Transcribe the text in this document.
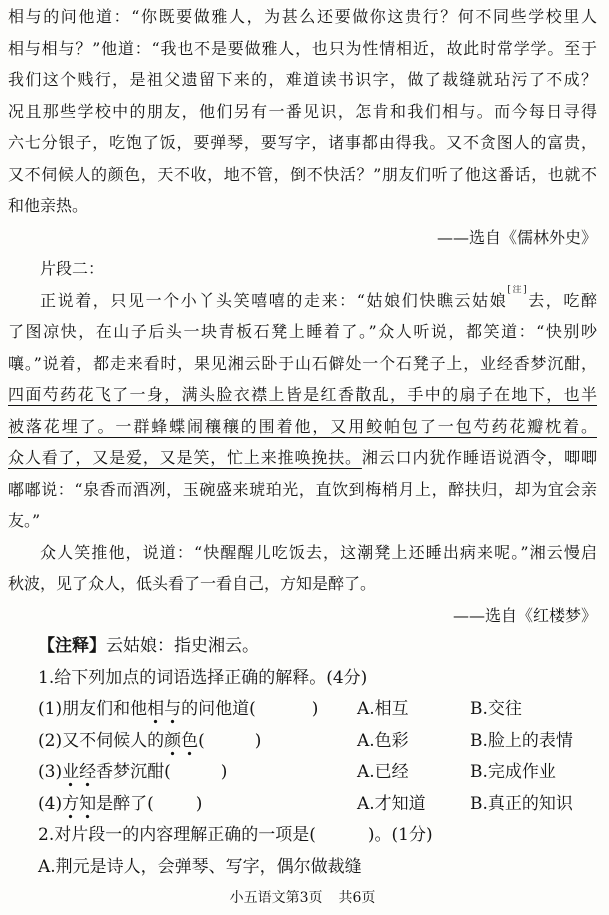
相与的问他道：“你既要做雅人，为甚么还要做你这贵行？何不同些学校里人
相与相与？”他道：“我也不是要做雅人，也只为性情相近，故此时常学学。至于
我们这个贱行，是祖父遗留下来的，难道读书识字，做了裁缝就玷污了不成？
况且那些学校中的朋友，他们另有一番见识，怎肯和我们相与。而今每日寻得
六七分银子，吃饱了饭，要弹琴，要写字，诸事都由得我。又不贪图人的富贵，
又不伺候人的颜色，天不收，地不管，倒不快活？”朋友们听了他这番话，也就不
和他亲热。
——选自《儒林外史》
片段二：
正说着，只见一个小丫头笑嘻嘻的走来：“姑娘们快瞧云姑娘[注]去，吃醉
了图凉快，在山子后头一块青板石凳上睡着了。”众人听说，都笑道：“快别吵
嚷。”说着，都走来看时，果见湘云卧于山石僻处一个石凳子上，业经香梦沉酣，
四面芍药花飞了一身，满头脸衣襟上皆是红香散乱，手中的扇子在地下，也半
被落花埋了。一群蜂蝶闹穰穰的围着他，又用鲛帕包了一包芍药花瓣枕着。
众人看了，又是爱，又是笑，忙上来推唤挽扶。湘云口内犹作睡语说酒令，唧唧
嘟嘟说：“泉香而酒冽，玉碗盛来琥珀光，直饮到梅梢月上，醉扶归，却为宜会亲
友。”
众人笑推他，说道：“快醒醒儿吃饭去，这潮凳上还睡出病来呢。”湘云慢启
秋波，见了众人，低头看了一看自己，方知是醉了。
——选自《红楼梦》
【注释】云姑娘：指史湘云。
1.给下列加点的词语选择正确的解释。(4分)
(1)朋友们和他相与的问他道(	)	A.相互	B.交往
(2)又不伺候人的颜色(	)	A.色彩	B.脸上的表情
(3)业经香梦沉酣(	)	A.已经	B.完成作业
(4)方知是醉了( )	A.才知道	B.真正的知识
2.对片段一的内容理解正确的一项是(	)。(1分)
A.荆元是诗人，会弹琴、写字，偶尔做裁缝
小五语文第3页 共6页
